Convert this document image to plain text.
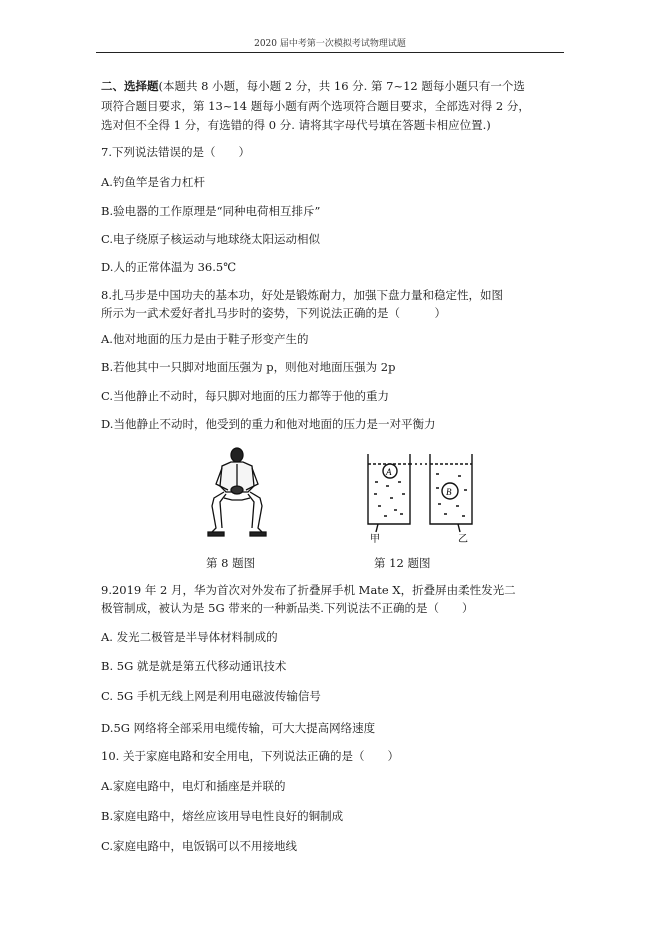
2020 届中考第一次模拟考试物理试题
二、选择题(本题共 8 小题，每小题 2 分，共 16 分. 第 7~12 题每小题只有一个选
项符合题目要求，第 13~14 题每小题有两个选项符合题目要求，全部选对得 2 分，
选对但不全得 1 分，有选错的得 0 分. 请将其字母代号填在答题卡相应位置.)
7.下列说法错误的是（　　）
A.钓鱼竿是省力杠杆
B.验电器的工作原理是“同种电荷相互排斥”
C.电子绕原子核运动与地球绕太阳运动相似
D.人的正常体温为 36.5℃
8.扎马步是中国功夫的基本功，好处是锻炼耐力，加强下盘力量和稳定性，如图
所示为一武术爱好者扎马步时的姿势，下列说法正确的是（　　　）
A.他对地面的压力是由于鞋子形变产生的
B.若他其中一只脚对地面压强为 p，则他对地面压强为 2p
C.当他静止不动时，每只脚对地面的压力都等于他的重力
D.当他静止不动时，他受到的重力和他对地面的压力是一对平衡力
A
B
甲	乙
第 8 题图	第 12 题图
9.2019 年 2 月，华为首次对外发布了折叠屏手机 Mate X，折叠屏由柔性发光二
极管制成，被认为是 5G 带来的一种新品类.下列说法不正确的是（　　）
A. 发光二极管是半导体材料制成的
B. 5G 就是就是第五代移动通讯技术
C. 5G 手机无线上网是利用电磁波传输信号
D.5G 网络将全部采用电缆传输，可大大提高网络速度
10. 关于家庭电路和安全用电，下列说法正确的是（　　）
A.家庭电路中，电灯和插座是并联的
B.家庭电路中，熔丝应该用导电性良好的铜制成
C.家庭电路中，电饭锅可以不用接地线
